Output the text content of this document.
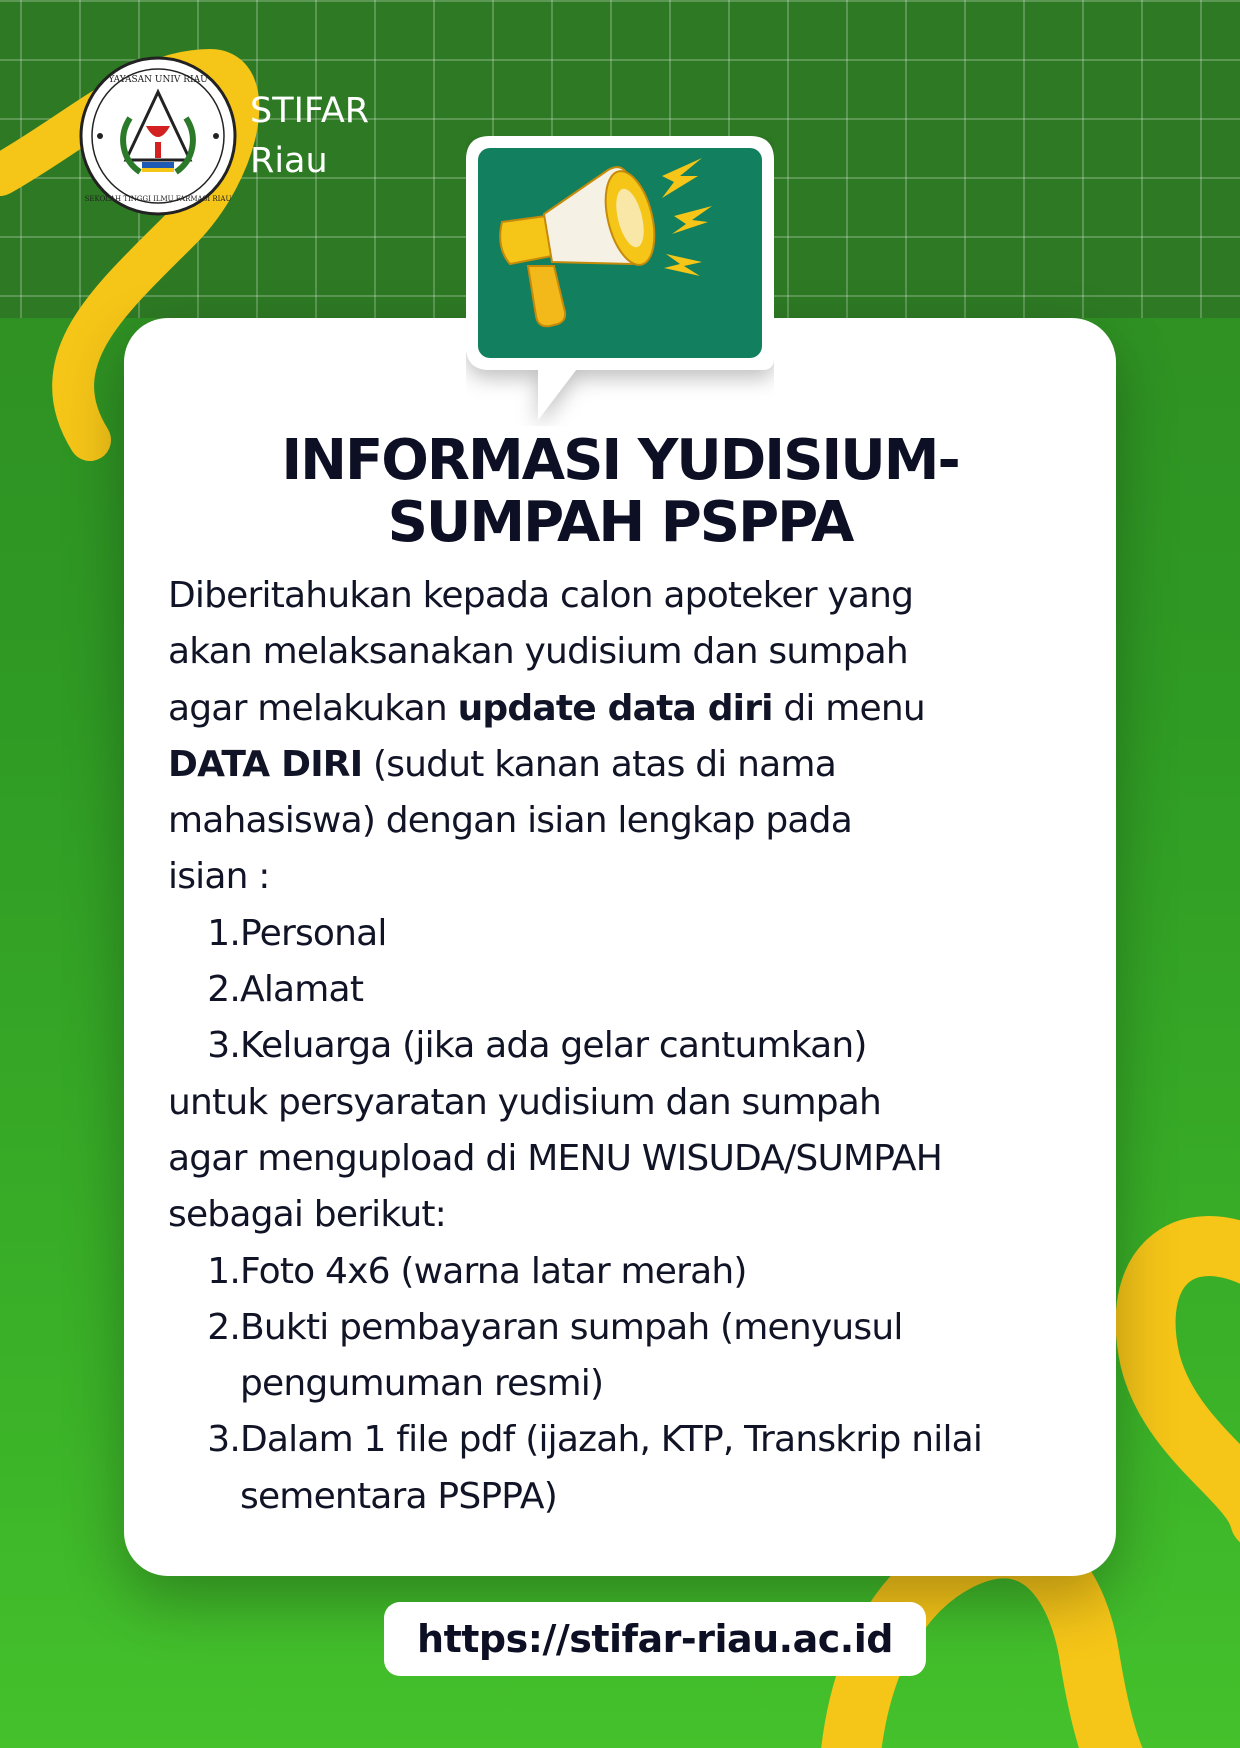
YAYASAN UNIV RIAU
SEKOLAH TINGGI ILMU FARMASI RIAU
STIFAR
Riau
INFORMASI YUDISIUM-
SUMPAH PSPPA
Diberitahukan kepada calon apoteker yang
akan melaksanakan yudisium dan sumpah
agar melakukan update data diri di menu
DATA DIRI (sudut kanan atas di nama
mahasiswa) dengan isian lengkap pada
isian :
1. Personal
2. Alamat
3. Keluarga (jika ada gelar cantumkan)
untuk persyaratan yudisium dan sumpah
agar mengupload di MENU WISUDA/SUMPAH
sebagai berikut:
1. Foto 4x6 (warna latar merah)
2. Bukti pembayaran sumpah (menyusul
pengumuman resmi)
3. Dalam 1 file pdf (ijazah, KTP, Transkrip nilai
sementara PSPPA)
https://stifar-riau.ac.id
